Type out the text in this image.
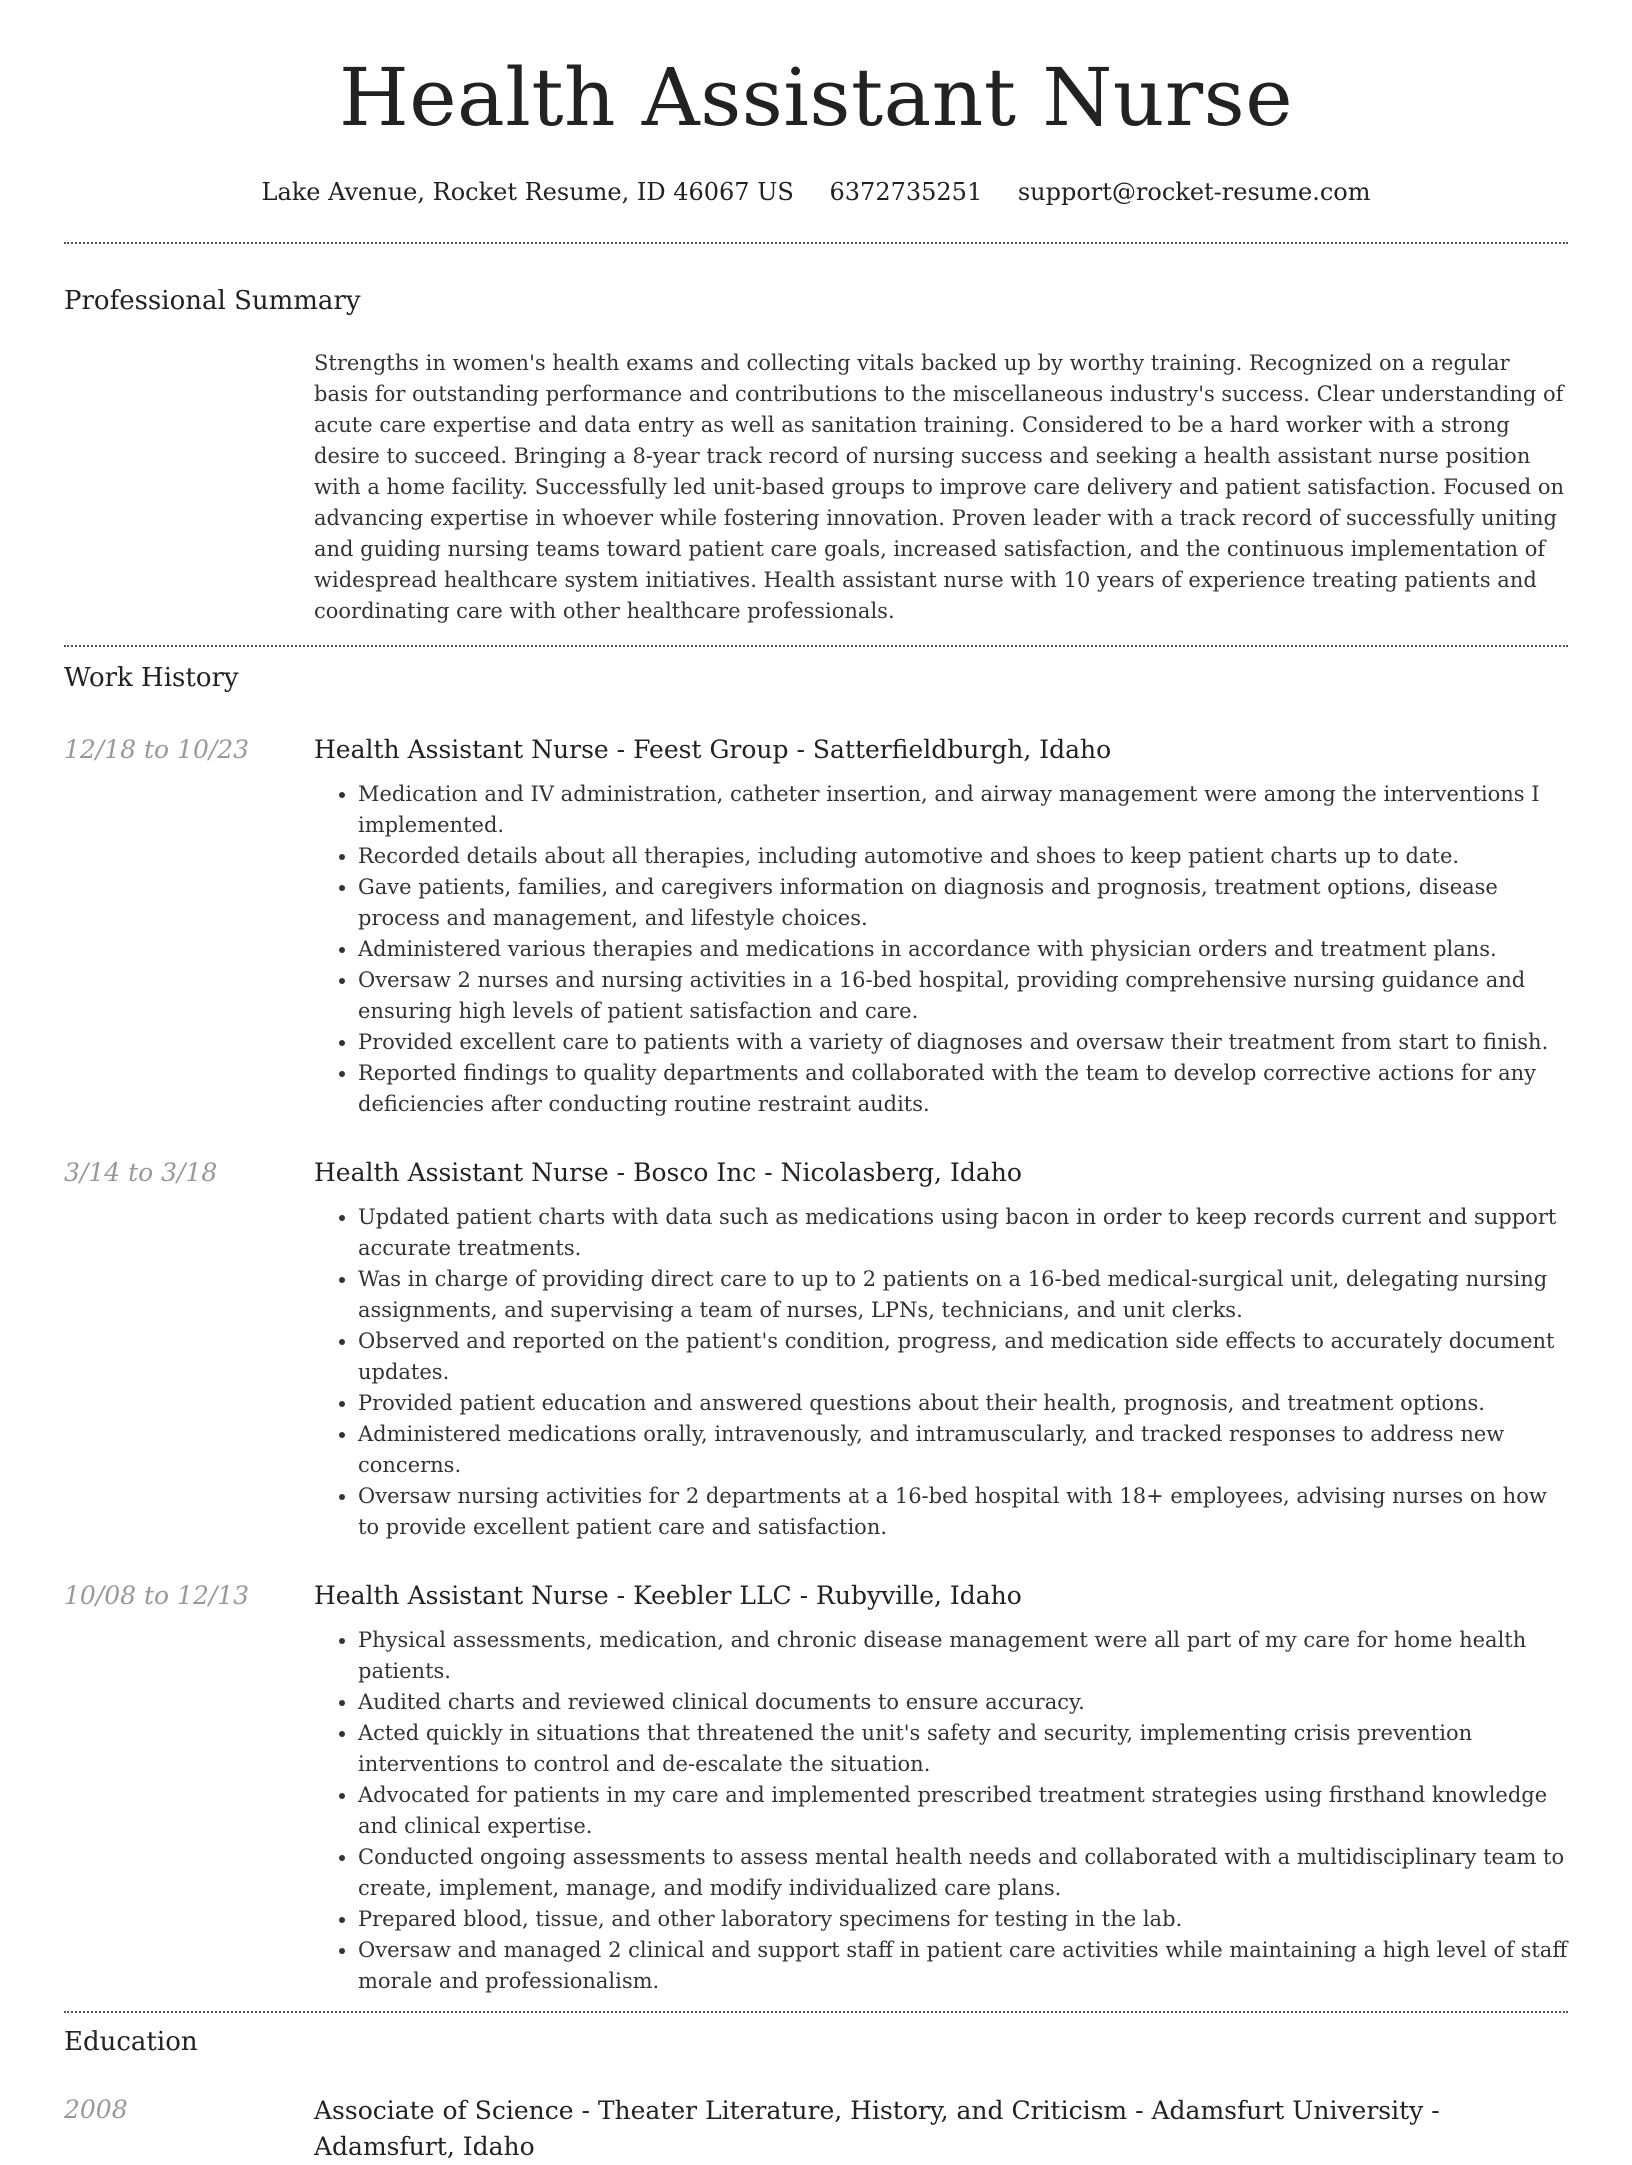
Health Assistant Nurse
Lake Avenue, Rocket Resume, ID 46067 US 6372735251 support@rocket-resume.com
Professional Summary

Strengths in women's health exams and collecting vitals backed up by worthy training. Recognized on a regular basis for outstanding performance and contributions to the miscellaneous industry's success. Clear understanding of acute care expertise and data entry as well as sanitation training. Considered to be a hard worker with a strong desire to succeed. Bringing a 8-year track record of nursing success and seeking a health assistant nurse position with a home facility. Successfully led unit-based groups to improve care delivery and patient satisfaction. Focused on advancing expertise in whoever while fostering innovation. Proven leader with a track record of successfully uniting and guiding nursing teams toward patient care goals, increased satisfaction, and the continuous implementation of widespread healthcare system initiatives. Health assistant nurse with 10 years of experience treating patients and coordinating care with other healthcare professionals.

Work History
12/18 to 10/23	Health Assistant Nurse - Feest Group - Satterfieldburgh, Idaho
• Medication and IV administration, catheter insertion, and airway management were among the interventions I implemented.
• Recorded details about all therapies, including automotive and shoes to keep patient charts up to date.
• Gave patients, families, and caregivers information on diagnosis and prognosis, treatment options, disease process and management, and lifestyle choices.
• Administered various therapies and medications in accordance with physician orders and treatment plans.
• Oversaw 2 nurses and nursing activities in a 16-bed hospital, providing comprehensive nursing guidance and ensuring high levels of patient satisfaction and care.
• Provided excellent care to patients with a variety of diagnoses and oversaw their treatment from start to finish.
• Reported findings to quality departments and collaborated with the team to develop corrective actions for any deficiencies after conducting routine restraint audits.
3/14 to 3/18	Health Assistant Nurse - Bosco Inc - Nicolasberg, Idaho
• Updated patient charts with data such as medications using bacon in order to keep records current and support accurate treatments.
• Was in charge of providing direct care to up to 2 patients on a 16-bed medical-surgical unit, delegating nursing assignments, and supervising a team of nurses, LPNs, technicians, and unit clerks.
• Observed and reported on the patient's condition, progress, and medication side effects to accurately document updates.
• Provided patient education and answered questions about their health, prognosis, and treatment options.
• Administered medications orally, intravenously, and intramuscularly, and tracked responses to address new concerns.
• Oversaw nursing activities for 2 departments at a 16-bed hospital with 18+ employees, advising nurses on how to provide excellent patient care and satisfaction.
10/08 to 12/13	Health Assistant Nurse - Keebler LLC - Rubyville, Idaho
• Physical assessments, medication, and chronic disease management were all part of my care for home health patients.
• Audited charts and reviewed clinical documents to ensure accuracy.
• Acted quickly in situations that threatened the unit's safety and security, implementing crisis prevention interventions to control and de-escalate the situation.
• Advocated for patients in my care and implemented prescribed treatment strategies using firsthand knowledge and clinical expertise.
• Conducted ongoing assessments to assess mental health needs and collaborated with a multidisciplinary team to create, implement, manage, and modify individualized care plans.
• Prepared blood, tissue, and other laboratory specimens for testing in the lab.
• Oversaw and managed 2 clinical and support staff in patient care activities while maintaining a high level of staff morale and professionalism.
Education
2008	Associate of Science - Theater Literature, History, and Criticism - Adamsfurt University - Adamsfurt, Idaho
